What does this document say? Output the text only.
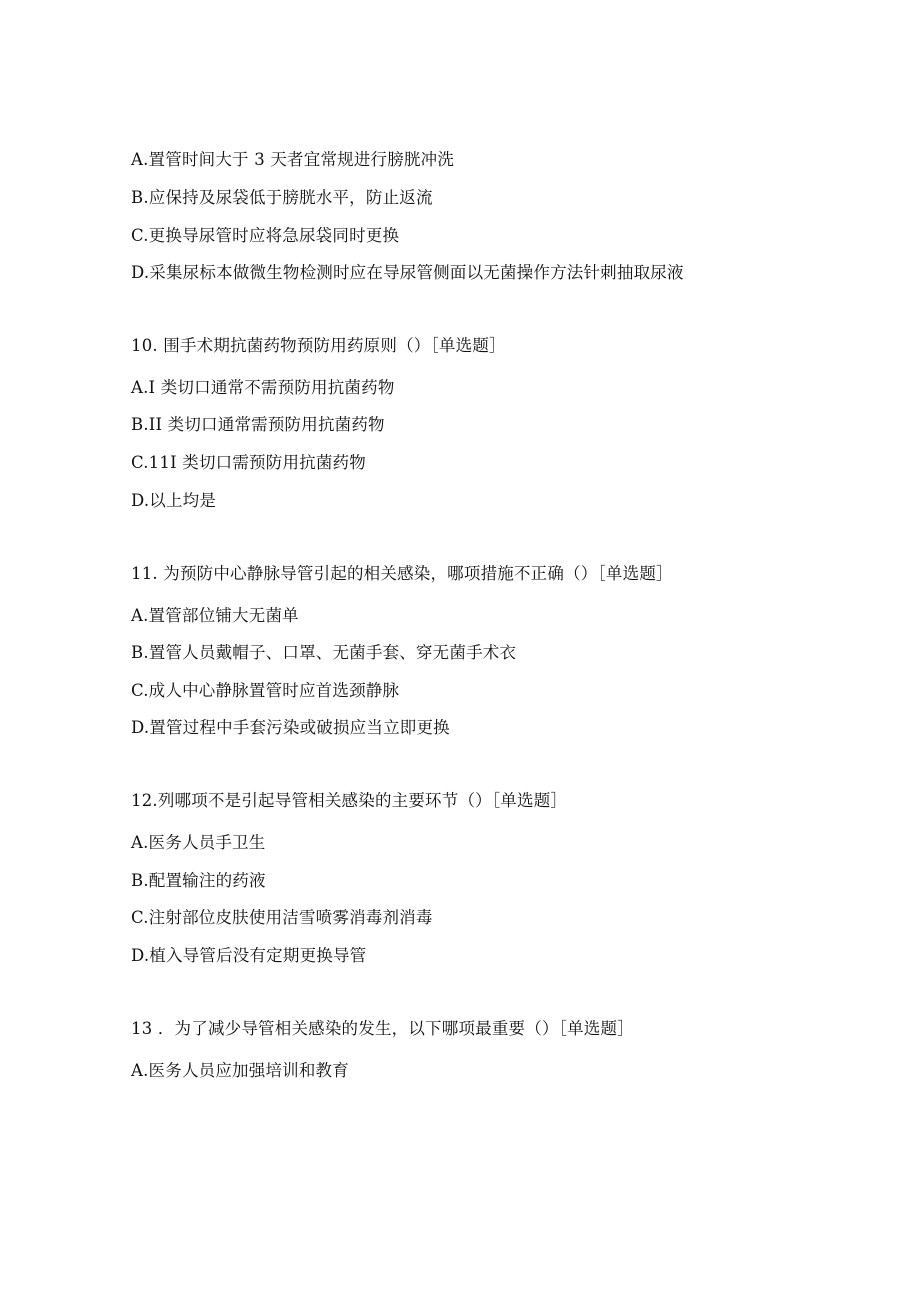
A.置管时间大于 3 天者宜常规进行膀胱冲洗
B.应保持及尿袋低于膀胱水平，防止返流
C.更换导尿管时应将急尿袋同时更换
D.采集尿标本做微生物检测时应在导尿管侧面以无菌操作方法针刺抽取尿液
10. 围手术期抗菌药物预防用药原则（）［单选题］
A.I 类切口通常不需预防用抗菌药物
B.II 类切口通常需预防用抗菌药物
C.11I 类切口需预防用抗菌药物
D.以上均是
11. 为预防中心静脉导管引起的相关感染，哪项措施不正确（）［单选题］
A.置管部位铺大无菌单
B.置管人员戴帽子、口罩、无菌手套、穿无菌手术衣
C.成人中心静脉置管时应首选颈静脉
D.置管过程中手套污染或破损应当立即更换
12.列哪项不是引起导管相关感染的主要环节（）［单选题］
A.医务人员手卫生
B.配置输注的药液
C.注射部位皮肤使用洁雪喷雾消毒剂消毒
D.植入导管后没有定期更换导管
13 ．为了减少导管相关感染的发生，以下哪项最重要（）［单选题］
A.医务人员应加强培训和教育
